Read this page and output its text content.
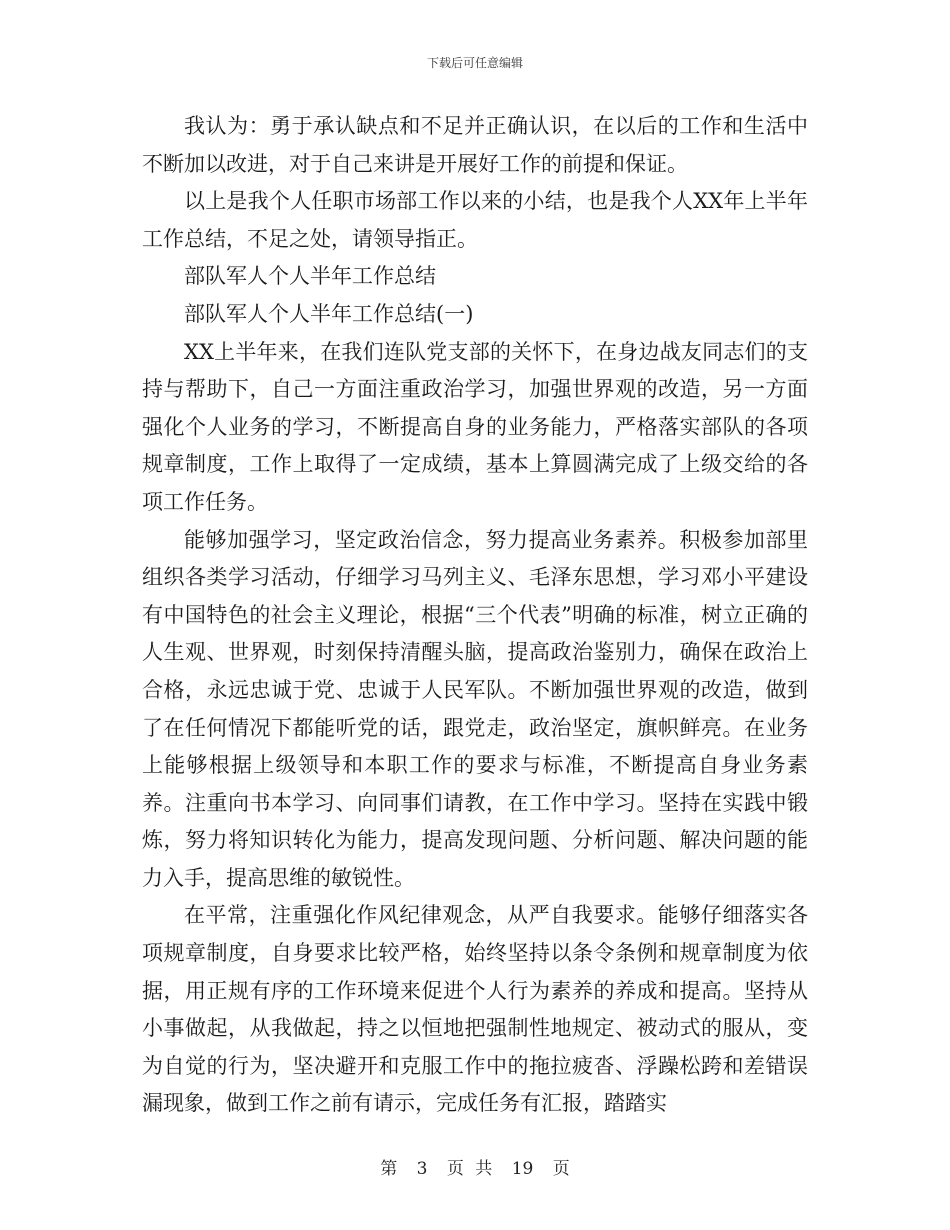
下载后可任意编辑

我认为：勇于承认缺点和不足并正确认识，在以后的工作和生活中不断加以改进，对于自己来讲是开展好工作的前提和保证。

以上是我个人任职市场部工作以来的小结，也是我个人XX年上半年工作总结，不足之处，请领导指正。

部队军人个人半年工作总结

部队军人个人半年工作总结(一)

XX上半年来，在我们连队党支部的关怀下，在身边战友同志们的支持与帮助下，自己一方面注重政治学习，加强世界观的改造，另一方面强化个人业务的学习，不断提高自身的业务能力，严格落实部队的各项规章制度，工作上取得了一定成绩，基本上算圆满完成了上级交给的各项工作任务。

能够加强学习，坚定政治信念，努力提高业务素养。积极参加部里组织各类学习活动，仔细学习马列主义、毛泽东思想，学习邓小平建设有中国特色的社会主义理论，根据“三个代表”明确的标准，树立正确的人生观、世界观，时刻保持清醒头脑，提高政治鉴别力，确保在政治上合格，永远忠诚于党、忠诚于人民军队。不断加强世界观的改造，做到了在任何情况下都能听党的话，跟党走，政治坚定，旗帜鲜亮。在业务上能够根据上级领导和本职工作的要求与标准，不断提高自身业务素养。注重向书本学习、向同事们请教，在工作中学习。坚持在实践中锻炼，努力将知识转化为能力，提高发现问题、分析问题、解决问题的能力入手，提高思维的敏锐性。

在平常，注重强化作风纪律观念，从严自我要求。能够仔细落实各项规章制度，自身要求比较严格，始终坚持以条令条例和规章制度为依据，用正规有序的工作环境来促进个人行为素养的养成和提高。坚持从小事做起，从我做起，持之以恒地把强制性地规定、被动式的服从，变为自觉的行为，坚决避开和克服工作中的拖拉疲沓、浮躁松跨和差错误漏现象，做到工作之前有请示，完成任务有汇报，踏踏实

第 3 页 共 19 页
